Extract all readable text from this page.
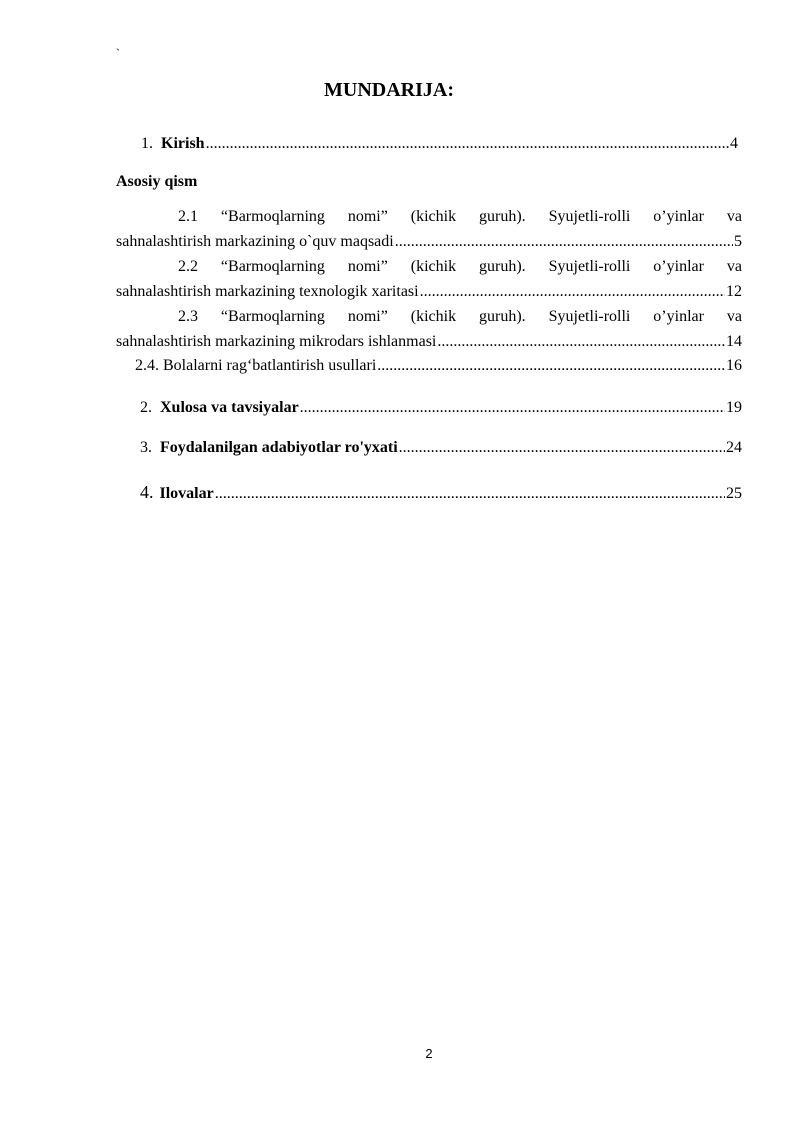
ˎ
MUNDARIJA:
1. Kirish .....	4
Asosiy qism
2.1 “Barmoqlarning nomi” (kichik guruh). Syujetli-rolli o’yinlar va
sahnalashtirish markazining o`quv maqsadi .....	5
2.2 “Barmoqlarning nomi” (kichik guruh). Syujetli-rolli o’yinlar va
sahnalashtirish markazining texnologik xaritasi .....	12
2.3 “Barmoqlarning nomi” (kichik guruh). Syujetli-rolli o’yinlar va
sahnalashtirish markazining mikrodars ishlanmasi .....	14
2.4. Bolalarni rag‘batlantirish usullari .....	16
2. Xulosa va tavsiyalar .....	19
3. Foydalanilgan adabiyotlar ro'yxati .....	24
4. Ilovalar .....	25
2
